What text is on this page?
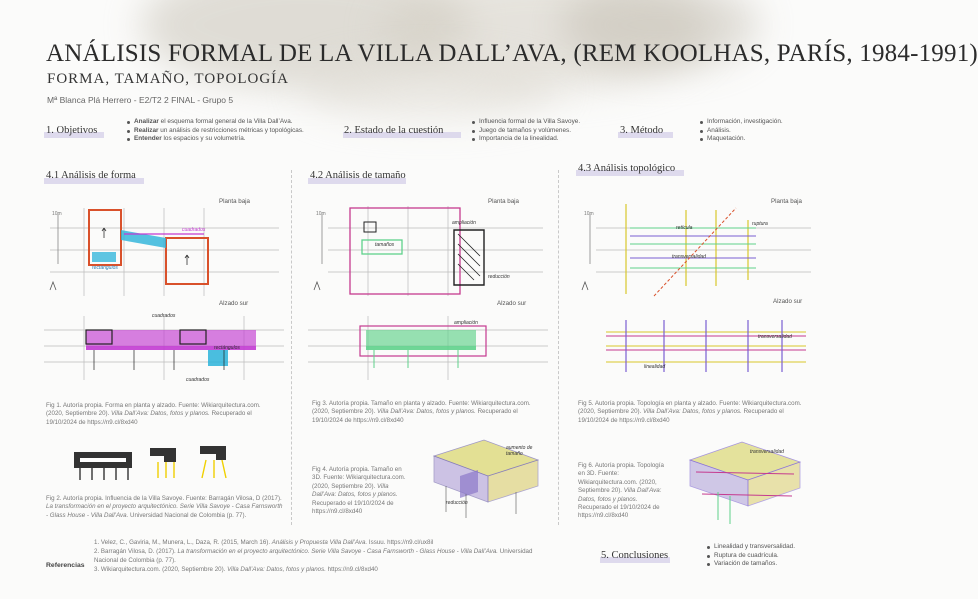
ANÁLISIS FORMAL DE LA VILLA DALL’AVA, (REM KOOLHAS, PARÍS, 1984-1991)
FORMA, TAMAÑO, TOPOLOGÍA
Mª Blanca Plá Herrero - E2/T2 2 FINAL - Grupo 5
1. Objetivos
Analizar el esquema formal general de la Villa Dall’Ava.
Realizar un análisis de restricciones métricas y topológicas.
Entender los espacios y su volumetría.
2. Estado de la cuestión
Influencia formal de la Villa Savoye.
Juego de tamaños y volúmenes.
Importancia de la linealidad.
3. Método
Información, investigación.
Análisis.
Maquetación.
4.1 Análisis de forma
Planta baja
Alzado sur
10m
cuadrados
rectángulos
cuadrados
rectángulos
cuadrados
Fig 1. Autoría propia. Forma en planta y alzado. Fuente: Wikiarquitectura.com. (2020, Septiembre 20). Villa Dall’Ava: Datos, fotos y planos. Recuperado el 19/10/2024 de https://n9.cl/8xd40
Fig 2. Autoría propia. Influencia de la Villa Savoye. Fuente: Barragán Vilosa, D (2017). La transformación en el proyecto arquitectónico. Serie Villa Savoye - Casa Farnsworth - Glass House - Villa Dall’Ava. Universidad Nacional de Colombia (p. 77).
4.2 Análisis de tamaño
Planta baja
Alzado sur
10m
ampliación
tamaños
reducción
ampliación
Fig 3. Autoría propia. Tamaño en planta y alzado. Fuente: Wikiarquitectura.com. (2020, Septiembre 20). Villa Dall’Ava: Datos, fotos y planos. Recuperado el 19/10/2024 de https://n9.cl/8xd40
Fig 4. Autoría propia. Tamaño en 3D. Fuente: Wikiarquitectura.com. (2020, Septiembre 20). Villa Dall’Ava: Datos, fotos y planos. Recuperado el 19/10/2024 de https://n9.cl/8xd40
aumento de tamaño
reducción
4.3 Análisis topológico
Planta baja
Alzado sur
10m
retícula
ruptura
transversalidad
transversalidad
linealidad
Fig 5. Autoría propia. Topología en planta y alzado. Fuente: Wikiarquitectura.com. (2020, Septiembre 20). Villa Dall’Ava: Datos, fotos y planos. Recuperado el 19/10/2024 de https://n9.cl/8xd40
Fig 6. Autoría propia. Topología en 3D. Fuente: Wikiarquitectura.com. (2020, Septiembre 20). Villa Dall’Ava: Datos, fotos y planos. Recuperado el 19/10/2024 de https://n9.cl/8xd40
transversalidad
Referencias
1. Velez, C., Gaviria, M., Munera, L., Daza, R. (2015, March 16). Análisis y Propuesta Villa Dall’Ava. Issuu. https://n9.cl/ux8il
2. Barragán Vilosa, D. (2017). La transformación en el proyecto arquitectónico. Serie Villa Savoye - Casa Farnsworth - Glass House - Villa Dall’Ava. Universidad Nacional de Colombia (p. 77).
3. Wikiarquitectura.com. (2020, Septiembre 20). Villa Dall’Ava: Datos, fotos y planos. https://n9.cl/8xd40
5. Conclusiones
Linealidad y transversalidad.
Ruptura de cuadrícula.
Variación de tamaños.
